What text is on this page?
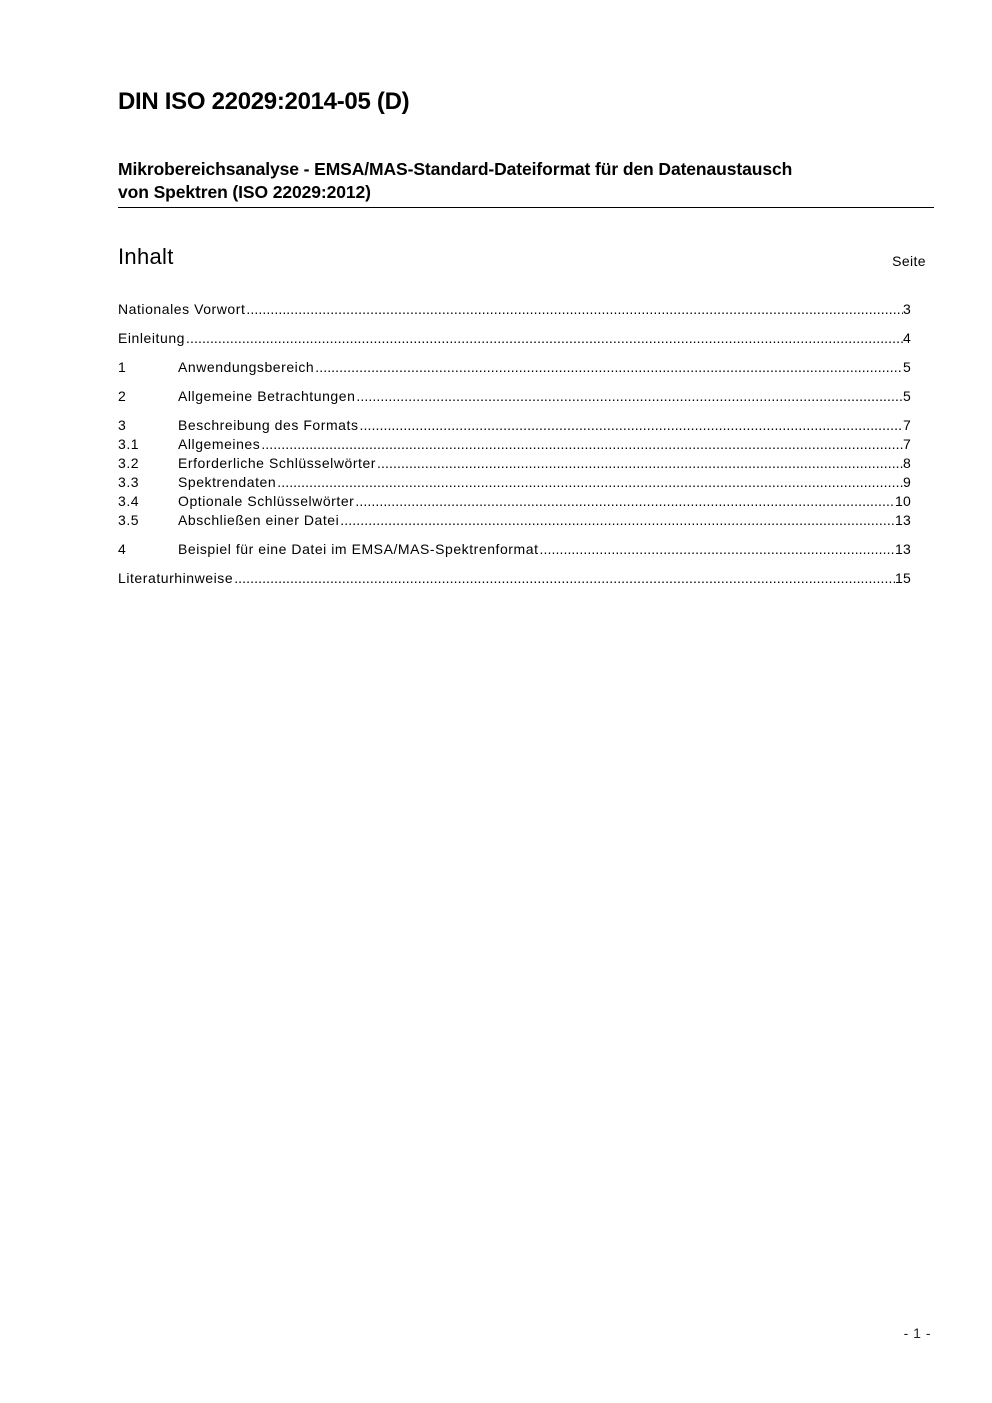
DIN ISO 22029:2014-05 (D)
Mikrobereichsanalyse - EMSA/MAS-Standard-Dateiformat für den Datenaustausch
von Spektren (ISO 22029:2012)
Inhalt	Seite
Nationales Vorwort .....	3
Einleitung .....	4
1	Anwendungsbereich .....	5
2	Allgemeine Betrachtungen .....	5
3	Beschreibung des Formats .....	7
3.1	Allgemeines .....	7
3.2	Erforderliche Schlüsselwörter .....	8
3.3	Spektrendaten .....	9
3.4	Optionale Schlüsselwörter .....	10
3.5	Abschließen einer Datei .....	13
4	Beispiel für eine Datei im EMSA/MAS-Spektrenformat .....	13
Literaturhinweise .....	15
- 1 -
